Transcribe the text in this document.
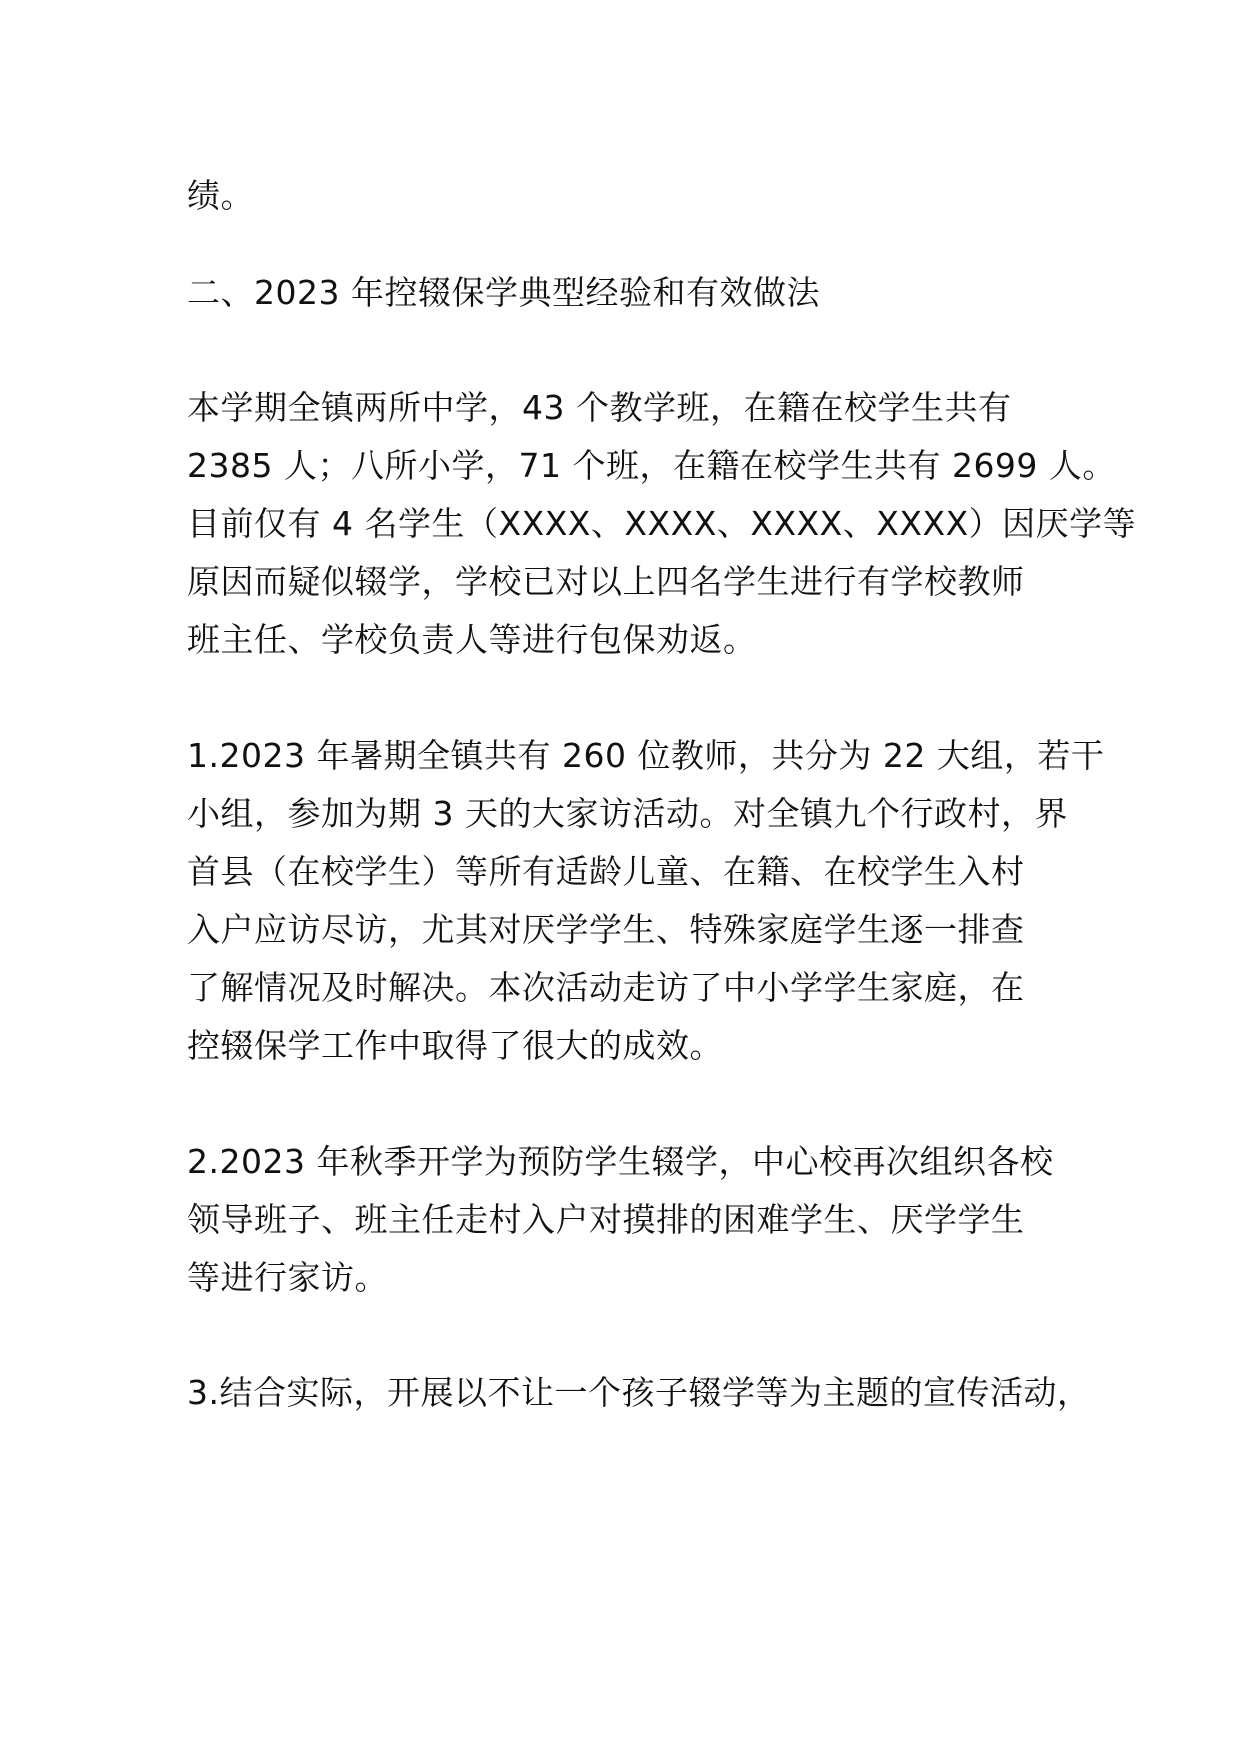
绩。
二、2023 年控辍保学典型经验和有效做法
本学期全镇两所中学，43 个教学班，在籍在校学生共有
2385 人；八所小学，71 个班，在籍在校学生共有 2699 人。
目前仅有 4 名学生（XXXX、XXXX、XXXX、XXXX）因厌学等
原因而疑似辍学，学校已对以上四名学生进行有学校教师
班主任、学校负责人等进行包保劝返。
1.2023 年暑期全镇共有 260 位教师，共分为 22 大组，若干
小组，参加为期 3 天的大家访活动。对全镇九个行政村，界
首县（在校学生）等所有适龄儿童、在籍、在校学生入村
入户应访尽访，尤其对厌学学生、特殊家庭学生逐一排查
了解情况及时解决。本次活动走访了中小学学生家庭，在
控辍保学工作中取得了很大的成效。
2.2023 年秋季开学为预防学生辍学，中心校再次组织各校
领导班子、班主任走村入户对摸排的困难学生、厌学学生
等进行家访。
3.结合实际，开展以不让一个孩子辍学等为主题的宣传活动，
